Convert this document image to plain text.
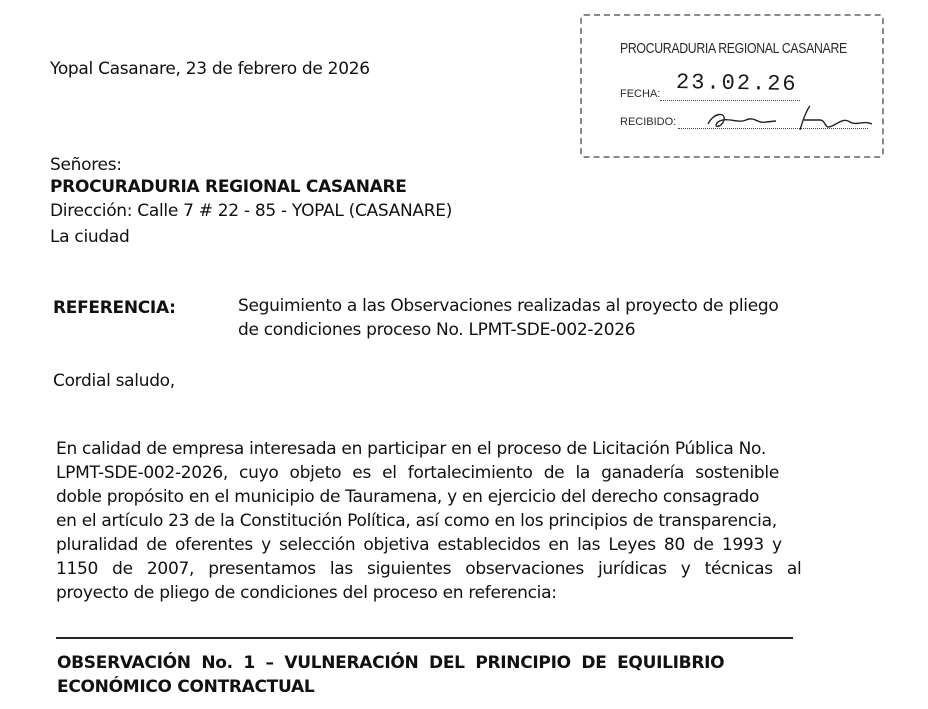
PROCURADURIA REGIONAL CASANARE
FECHA: 23.02.26
RECIBIDO:
Yopal Casanare, 23 de febrero de 2026
Señores:
PROCURADURIA REGIONAL CASANARE
Dirección: Calle 7 # 22 - 85 - YOPAL (CASANARE)
La ciudad
REFERENCIA:	Seguimiento a las Observaciones realizadas al proyecto de pliego
de condiciones proceso No. LPMT-SDE-002-2026
Cordial saludo,
En calidad de empresa interesada en participar en el proceso de Licitación Pública No.
LPMT-SDE-002-2026, cuyo objeto es el fortalecimiento de la ganadería sostenible
doble propósito en el municipio de Tauramena, y en ejercicio del derecho consagrado
en el artículo 23 de la Constitución Política, así como en los principios de transparencia,
pluralidad de oferentes y selección objetiva establecidos en las Leyes 80 de 1993 y
1150 de 2007, presentamos las siguientes observaciones jurídicas y técnicas al
proyecto de pliego de condiciones del proceso en referencia:
OBSERVACIÓN No. 1 – VULNERACIÓN DEL PRINCIPIO DE EQUILIBRIO
ECONÓMICO CONTRACTUAL
